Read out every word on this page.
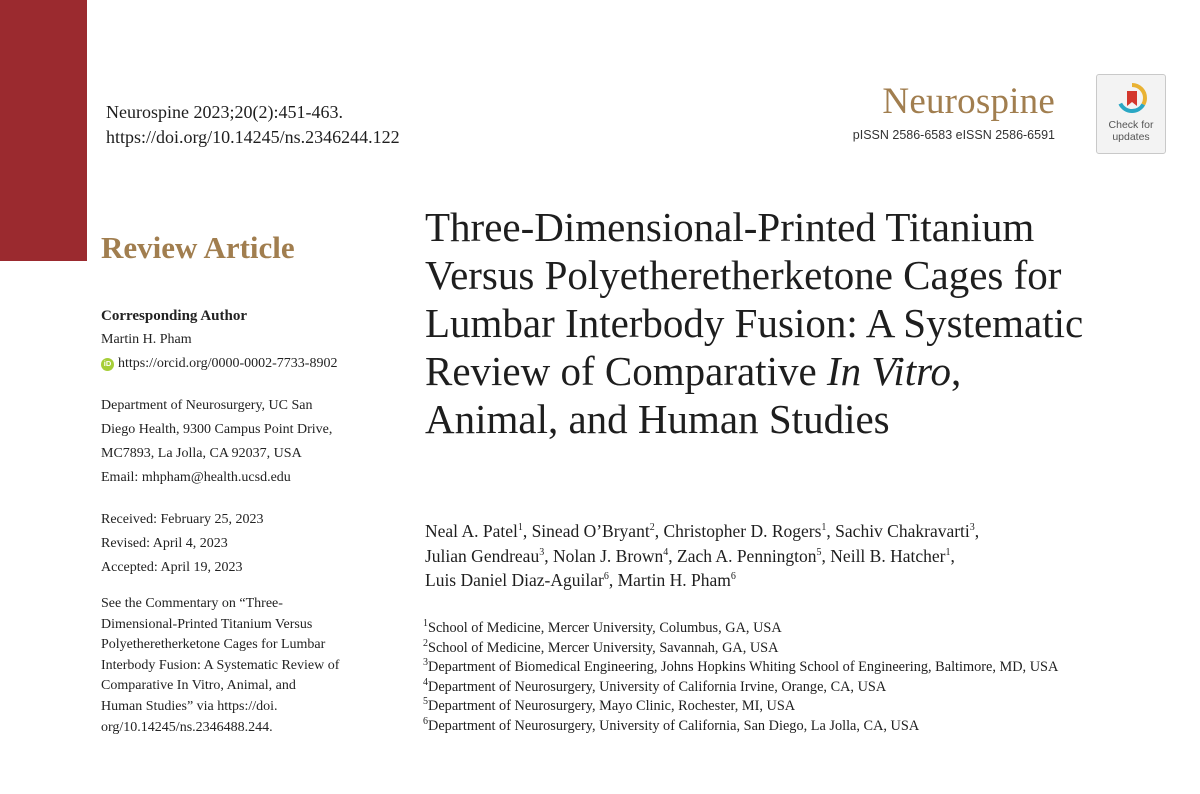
Neurospine 2023;20(2):451-463.
https://doi.org/10.14245/ns.2346244.122
Neurospine
pISSN 2586-6583 eISSN 2586-6591
Check for
updates
Review Article

Corresponding Author

Martin H. Pham
iD https://orcid.org/0000-0002-7733-8902
Department of Neurosurgery, UC San
Diego Health, 9300 Campus Point Drive,
MC7893, La Jolla, CA 92037, USA
Email: mhpham@health.ucsd.edu
Received: February 25, 2023
Revised: April 4, 2023
Accepted: April 19, 2023
See the Commentary on “Three-
Dimensional-Printed Titanium Versus
Polyetheretherketone Cages for Lumbar
Interbody Fusion: A Systematic Review of
Comparative In Vitro, Animal, and
Human Studies” via https://doi.
org/10.14245/ns.2346488.244.
Three-Dimensional-Printed Titanium
Versus Polyetheretherketone Cages for
Lumbar Interbody Fusion: A Systematic
Review of Comparative In Vitro,
Animal, and Human Studies
Neal A. Patel$^1$, Sinead O’Bryant$^2$, Christopher D. Rogers$^1$, Sachiv Chakravarti$^3$,
Julian Gendreau$^3$, Nolan J. Brown$^4$, Zach A. Pennington$^5$, Neill B. Hatcher$^1$,
Luis Daniel Diaz-Aguilar$^6$, Martin H. Pham$^6$
$^1$School of Medicine, Mercer University, Columbus, GA, USA
$^2$School of Medicine, Mercer University, Savannah, GA, USA
$^3$Department of Biomedical Engineering, Johns Hopkins Whiting School of Engineering, Baltimore, MD, USA
$^4$Department of Neurosurgery, University of California Irvine, Orange, CA, USA
$^5$Department of Neurosurgery, Mayo Clinic, Rochester, MI, USA
$^6$Department of Neurosurgery, University of California, San Diego, La Jolla, CA, USA
